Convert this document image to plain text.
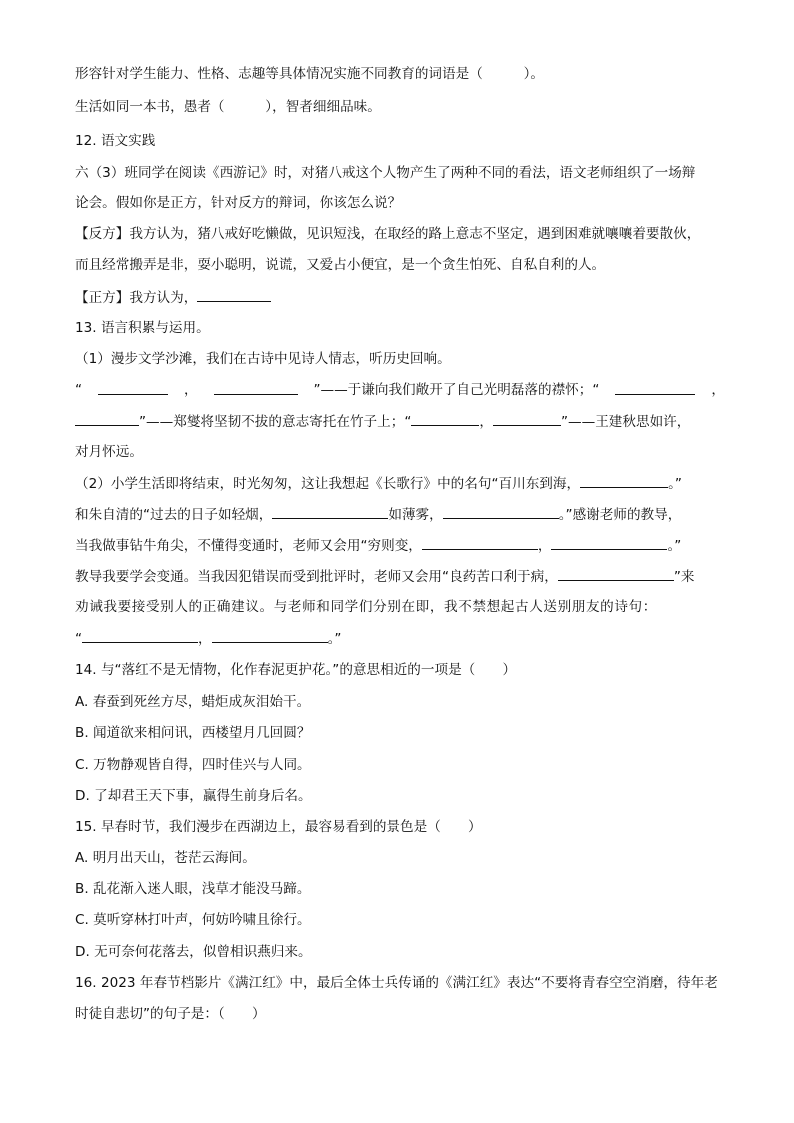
形容针对学生能力、性格、志趣等具体情况实施不同教育的词语是（　　　）。
生活如同一本书，愚者（　　　），智者细细品味。
12. 语文实践
六（3）班同学在阅读《西游记》时，对猪八戒这个人物产生了两种不同的看法，语文老师组织了一场辩
论会。假如你是正方，针对反方的辩词，你该怎么说？
【反方】我方认为，猪八戒好吃懒做，见识短浅，在取经的路上意志不坚定，遇到困难就嚷嚷着要散伙，
而且经常搬弄是非，耍小聪明，说谎，又爱占小便宜，是一个贪生怕死、自私自利的人。
【正方】我方认为，
13. 语言积累与运用。
（1）漫步文学沙滩，我们在古诗中见诗人情志，听历史回响。
“	，	”——于谦向我们敞开了自己光明磊落的襟怀；“	，
”——郑燮将坚韧不拔的意志寄托在竹子上；“	，	”——王建秋思如许，
对月怀远。
（2）小学生活即将结束，时光匆匆，这让我想起《长歌行》中的名句“百川东到海，	。”
和朱自清的“过去的日子如轻烟，	如薄雾，	。”感谢老师的教导，
当我做事钻牛角尖，不懂得变通时，老师又会用“穷则变，	，	。”
教导我要学会变通。当我因犯错误而受到批评时，老师又会用“良药苦口利于病，	”来
劝诫我要接受别人的正确建议。与老师和同学们分别在即，我不禁想起古人送别朋友的诗句：
“	，	。”
14. 与“落红不是无情物，化作春泥更护花。”的意思相近的一项是（　　）
A. 春蚕到死丝方尽，蜡炬成灰泪始干。
B. 闻道欲来相问讯，西楼望月几回圆？
C. 万物静观皆自得，四时佳兴与人同。
D. 了却君王天下事，赢得生前身后名。
15. 早春时节，我们漫步在西湖边上，最容易看到的景色是（　　）
A. 明月出天山，苍茫云海间。
B. 乱花渐入迷人眼，浅草才能没马蹄。
C. 莫听穿林打叶声，何妨吟啸且徐行。
D. 无可奈何花落去，似曾相识燕归来。
16. 2023 年春节档影片《满江红》中，最后全体士兵传诵的《满江红》表达“不要将青春空空消磨，待年老
时徒自悲切”的句子是：（　　）
